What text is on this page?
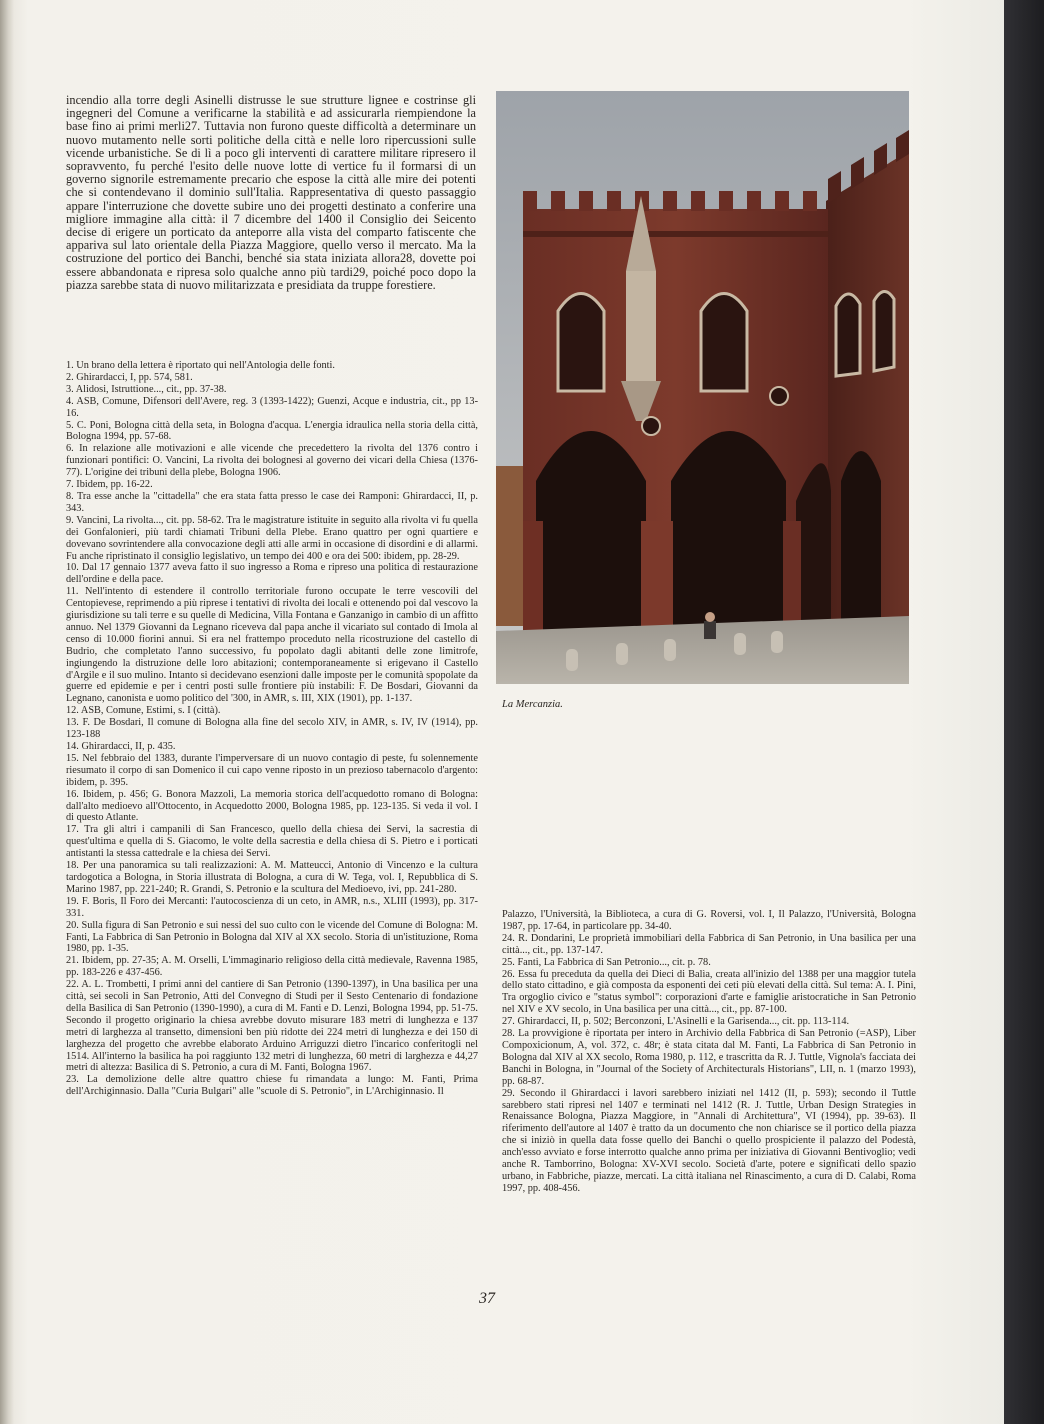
incendio alla torre degli Asinelli distrusse le sue strutture lignee e costrinse gli ingegneri del Comune a verificarne la stabilità e ad assicurarla riempiendone la base fino ai primi merli27. Tuttavia non furono queste difficoltà a determinare un nuovo mutamento nelle sorti politiche della città e nelle loro ripercussioni sulle vicende urbanistiche. Se di lì a poco gli interventi di carattere militare ripresero il sopravvento, fu perché l'esito delle nuove lotte di vertice fu il formarsi di un governo signorile estremamente precario che espose la città alle mire dei potenti che si contendevano il dominio sull'Italia. Rappresentativa di questo passaggio appare l'interruzione che dovette subire uno dei progetti destinato a conferire una migliore immagine alla città: il 7 dicembre del 1400 il Consiglio dei Seicento decise di erigere un porticato da anteporre alla vista del comparto fatiscente che appariva sul lato orientale della Piazza Maggiore, quello verso il mercato. Ma la costruzione del portico dei Banchi, benché sia stata iniziata allora28, dovette poi essere abbandonata e ripresa solo qualche anno più tardi29, poiché poco dopo la piazza sarebbe stata di nuovo militarizzata e presidiata da truppe forestiere.

1. Un brano della lettera è riportato qui nell'Antologia delle fonti.

2. Ghirardacci, I, pp. 574, 581.

3. Alidosi, Istruttione..., cit., pp. 37-38.

4. ASB, Comune, Difensori dell'Avere, reg. 3 (1393-1422); Guenzi, Acque e industria, cit., pp 13-16.

5. C. Poni, Bologna città della seta, in Bologna d'acqua. L'energia idraulica nella storia della città, Bologna 1994, pp. 57-68.

6. In relazione alle motivazioni e alle vicende che precedettero la rivolta del 1376 contro i funzionari pontifici: O. Vancini, La rivolta dei bolognesi al governo dei vicari della Chiesa (1376-77). L'origine dei tribuni della plebe, Bologna 1906.

7. Ibidem, pp. 16-22.

8. Tra esse anche la "cittadella" che era stata fatta presso le case dei Ramponi: Ghirardacci, II, p. 343.

9. Vancini, La rivolta..., cit. pp. 58-62. Tra le magistrature istituite in seguito alla rivolta vi fu quella dei Gonfalonieri, più tardi chiamati Tribuni della Plebe. Erano quattro per ogni quartiere e dovevano sovrintendere alla convocazione degli atti alle armi in occasione di disordini e di allarmi. Fu anche ripristinato il consiglio legislativo, un tempo dei 400 e ora dei 500: ibidem, pp. 28-29.

10. Dal 17 gennaio 1377 aveva fatto il suo ingresso a Roma e ripreso una politica di restaurazione dell'ordine e della pace.

11. Nell'intento di estendere il controllo territoriale furono occupate le terre vescovili del Centopievese, reprimendo a più riprese i tentativi di rivolta dei locali e ottenendo poi dal vescovo la giurisdizione su tali terre e su quelle di Medicina, Villa Fontana e Ganzanigo in cambio di un affitto annuo. Nel 1379 Giovanni da Legnano riceveva dal papa anche il vicariato sul contado di Imola al censo di 10.000 fiorini annui. Si era nel frattempo proceduto nella ricostruzione del castello di Budrio, che completato l'anno successivo, fu popolato dagli abitanti delle zone limitrofe, ingiungendo la distruzione delle loro abitazioni; contemporaneamente si erigevano il Castello d'Argile e il suo mulino. Intanto si decidevano esenzioni dalle imposte per le comunità spopolate da guerre ed epidemie e per i centri posti sulle frontiere più instabili: F. De Bosdari, Giovanni da Legnano, canonista e uomo politico del '300, in AMR, s. III, XIX (1901), pp. 1-137.

12. ASB, Comune, Estimi, s. I (città).

13. F. De Bosdari, Il comune di Bologna alla fine del secolo XIV, in AMR, s. IV, IV (1914), pp. 123-188

14. Ghirardacci, II, p. 435.

15. Nel febbraio del 1383, durante l'imperversare di un nuovo contagio di peste, fu solennemente riesumato il corpo di san Domenico il cui capo venne riposto in un prezioso tabernacolo d'argento: ibidem, p. 395.

16. Ibidem, p. 456; G. Bonora Mazzoli, La memoria storica dell'acquedotto romano di Bologna: dall'alto medioevo all'Ottocento, in Acquedotto 2000, Bologna 1985, pp. 123-135. Si veda il vol. I di questo Atlante.

17. Tra gli altri i campanili di San Francesco, quello della chiesa dei Servi, la sacrestia di quest'ultima e quella di S. Giacomo, le volte della sacrestia e della chiesa di S. Pietro e i porticati antistanti la stessa cattedrale e la chiesa dei Servi.

18. Per una panoramica su tali realizzazioni: A. M. Matteucci, Antonio di Vincenzo e la cultura tardogotica a Bologna, in Storia illustrata di Bologna, a cura di W. Tega, vol. I, Repubblica di S. Marino 1987, pp. 221-240; R. Grandi, S. Petronio e la scultura del Medioevo, ivi, pp. 241-280.

19. F. Boris, Il Foro dei Mercanti: l'autocoscienza di un ceto, in AMR, n.s., XLIII (1993), pp. 317-331.

20. Sulla figura di San Petronio e sui nessi del suo culto con le vicende del Comune di Bologna: M. Fanti, La Fabbrica di San Petronio in Bologna dal XIV al XX secolo. Storia di un'istituzione, Roma 1980, pp. 1-35.

21. Ibidem, pp. 27-35; A. M. Orselli, L'immaginario religioso della città medievale, Ravenna 1985, pp. 183-226 e 437-456.

22. A. L. Trombetti, I primi anni del cantiere di San Petronio (1390-1397), in Una basilica per una città, sei secoli in San Petronio, Atti del Convegno di Studi per il Sesto Centenario di fondazione della Basilica di San Petronio (1390-1990), a cura di M. Fanti e D. Lenzi, Bologna 1994, pp. 51-75. Secondo il progetto originario la chiesa avrebbe dovuto misurare 183 metri di lunghezza e 137 metri di larghezza al transetto, dimensioni ben più ridotte dei 224 metri di lunghezza e dei 150 di larghezza del progetto che avrebbe elaborato Arduino Arriguzzi dietro l'incarico conferitogli nel 1514. All'interno la basilica ha poi raggiunto 132 metri di lunghezza, 60 metri di larghezza e 44,27 metri di altezza: Basilica di S. Petronio, a cura di M. Fanti, Bologna 1967.

23. La demolizione delle altre quattro chiese fu rimandata a lungo: M. Fanti, Prima dell'Archiginnasio. Dalla "Curia Bulgari" alle "scuole di S. Petronio", in L'Archiginnasio. Il

La Mercanzia.

Palazzo, l'Università, la Biblioteca, a cura di G. Roversi, vol. I, Il Palazzo, l'Università, Bologna 1987, pp. 17-64, in particolare pp. 34-40.

24. R. Dondarini, Le proprietà immobiliari della Fabbrica di San Petronio, in Una basilica per una città..., cit., pp. 137-147.

25. Fanti, La Fabbrica di San Petronio..., cit. p. 78.

26. Essa fu preceduta da quella dei Dieci di Balìa, creata all'inizio del 1388 per una maggior tutela dello stato cittadino, e già composta da esponenti dei ceti più elevati della città. Sul tema: A. I. Pini, Tra orgoglio civico e "status symbol": corporazioni d'arte e famiglie aristocratiche in San Petronio nel XIV e XV secolo, in Una basilica per una città..., cit., pp. 87-100.

27. Ghirardacci, II, p. 502; Berconzoni, L'Asinelli e la Garisenda..., cit. pp. 113-114.

28. La provvigione è riportata per intero in Archivio della Fabbrica di San Petronio (=ASP), Liber Compoxicionum, A, vol. 372, c. 48r; è stata citata dal M. Fanti, La Fabbrica di San Petronio in Bologna dal XIV al XX secolo, Roma 1980, p. 112, e trascritta da R. J. Tuttle, Vignola's facciata dei Banchi in Bologna, in "Journal of the Society of Architecturals Historians", LII, n. 1 (marzo 1993), pp. 68-87.

29. Secondo il Ghirardacci i lavori sarebbero iniziati nel 1412 (II, p. 593); secondo il Tuttle sarebbero stati ripresi nel 1407 e terminati nel 1412 (R. J. Tuttle, Urban Design Strategies in Renaissance Bologna, Piazza Maggiore, in "Annali di Architettura", VI (1994), pp. 39-63). Il riferimento dell'autore al 1407 è tratto da un documento che non chiarisce se il portico della piazza che si iniziò in quella data fosse quello dei Banchi o quello prospiciente il palazzo del Podestà, anch'esso avviato e forse interrotto qualche anno prima per iniziativa di Giovanni Bentivoglio; vedi anche R. Tamborrino, Bologna: XV-XVI secolo. Società d'arte, potere e significati dello spazio urbano, in Fabbriche, piazze, mercati. La città italiana nel Rinascimento, a cura di D. Calabi, Roma 1997, pp. 408-456.

37
